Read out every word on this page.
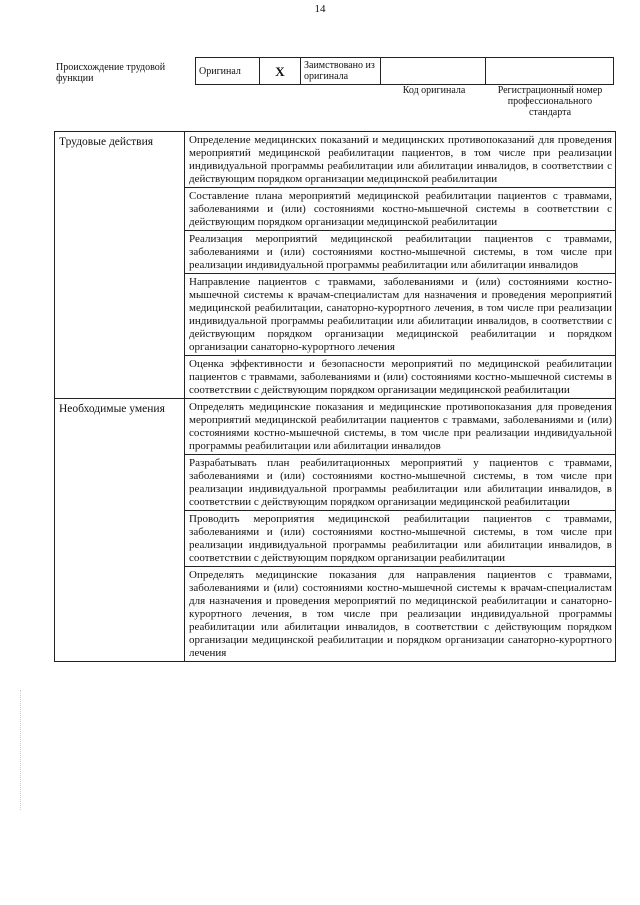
14
Происхождение трудовой функции
Оригинал	X	Заимствовано из оригинала		
Код оригинала	Регистрационный номер профессионального стандарта
Трудовые действия	Определение медицинских показаний и медицинских противопоказаний для проведения мероприятий медицинской реабилитации пациентов, в том числе при реализации индивидуальной программы реабилитации или абилитации инвалидов, в соответствии с действующим порядком организации медицинской реабилитации
	Составление плана мероприятий медицинской реабилитации пациентов с травмами, заболеваниями и (или) состояниями костно-мышечной системы в соответствии с действующим порядком организации медицинской реабилитации
	Реализация мероприятий медицинской реабилитации пациентов с травмами, заболеваниями и (или) состояниями костно-мышечной системы, в том числе при реализации индивидуальной программы реабилитации или абилитации инвалидов
	Направление пациентов с травмами, заболеваниями и (или) состояниями костно-мышечной системы к врачам-специалистам для назначения и проведения мероприятий медицинской реабилитации, санаторно-курортного лечения, в том числе при реализации индивидуальной программы реабилитации или абилитации инвалидов, в соответствии с действующим порядком организации медицинской реабилитации и порядком организации санаторно-курортного лечения
	Оценка эффективности и безопасности мероприятий по медицинской реабилитации пациентов с травмами, заболеваниями и (или) состояниями костно-мышечной системы в соответствии с действующим порядком организации медицинской реабилитации
Необходимые умения	Определять медицинские показания и медицинские противопоказания для проведения мероприятий медицинской реабилитации пациентов с травмами, заболеваниями и (или) состояниями костно-мышечной системы, в том числе при реализации индивидуальной программы реабилитации или абилитации инвалидов
	Разрабатывать план реабилитационных мероприятий у пациентов с травмами, заболеваниями и (или) состояниями костно-мышечной системы, в том числе при реализации индивидуальной программы реабилитации или абилитации инвалидов, в соответствии с действующим порядком организации медицинской реабилитации
	Проводить мероприятия медицинской реабилитации пациентов с травмами, заболеваниями и (или) состояниями костно-мышечной системы, в том числе при реализации индивидуальной программы реабилитации или абилитации инвалидов, в соответствии с действующим порядком организации реабилитации
	Определять медицинские показания для направления пациентов с травмами, заболеваниями и (или) состояниями костно-мышечной системы к врачам-специалистам для назначения и проведения мероприятий по медицинской реабилитации и санаторно-курортного лечения, в том числе при реализации индивидуальной программы реабилитации или абилитации инвалидов, в соответствии с действующим порядком организации медицинской реабилитации и порядком организации санаторно-курортного лечения
